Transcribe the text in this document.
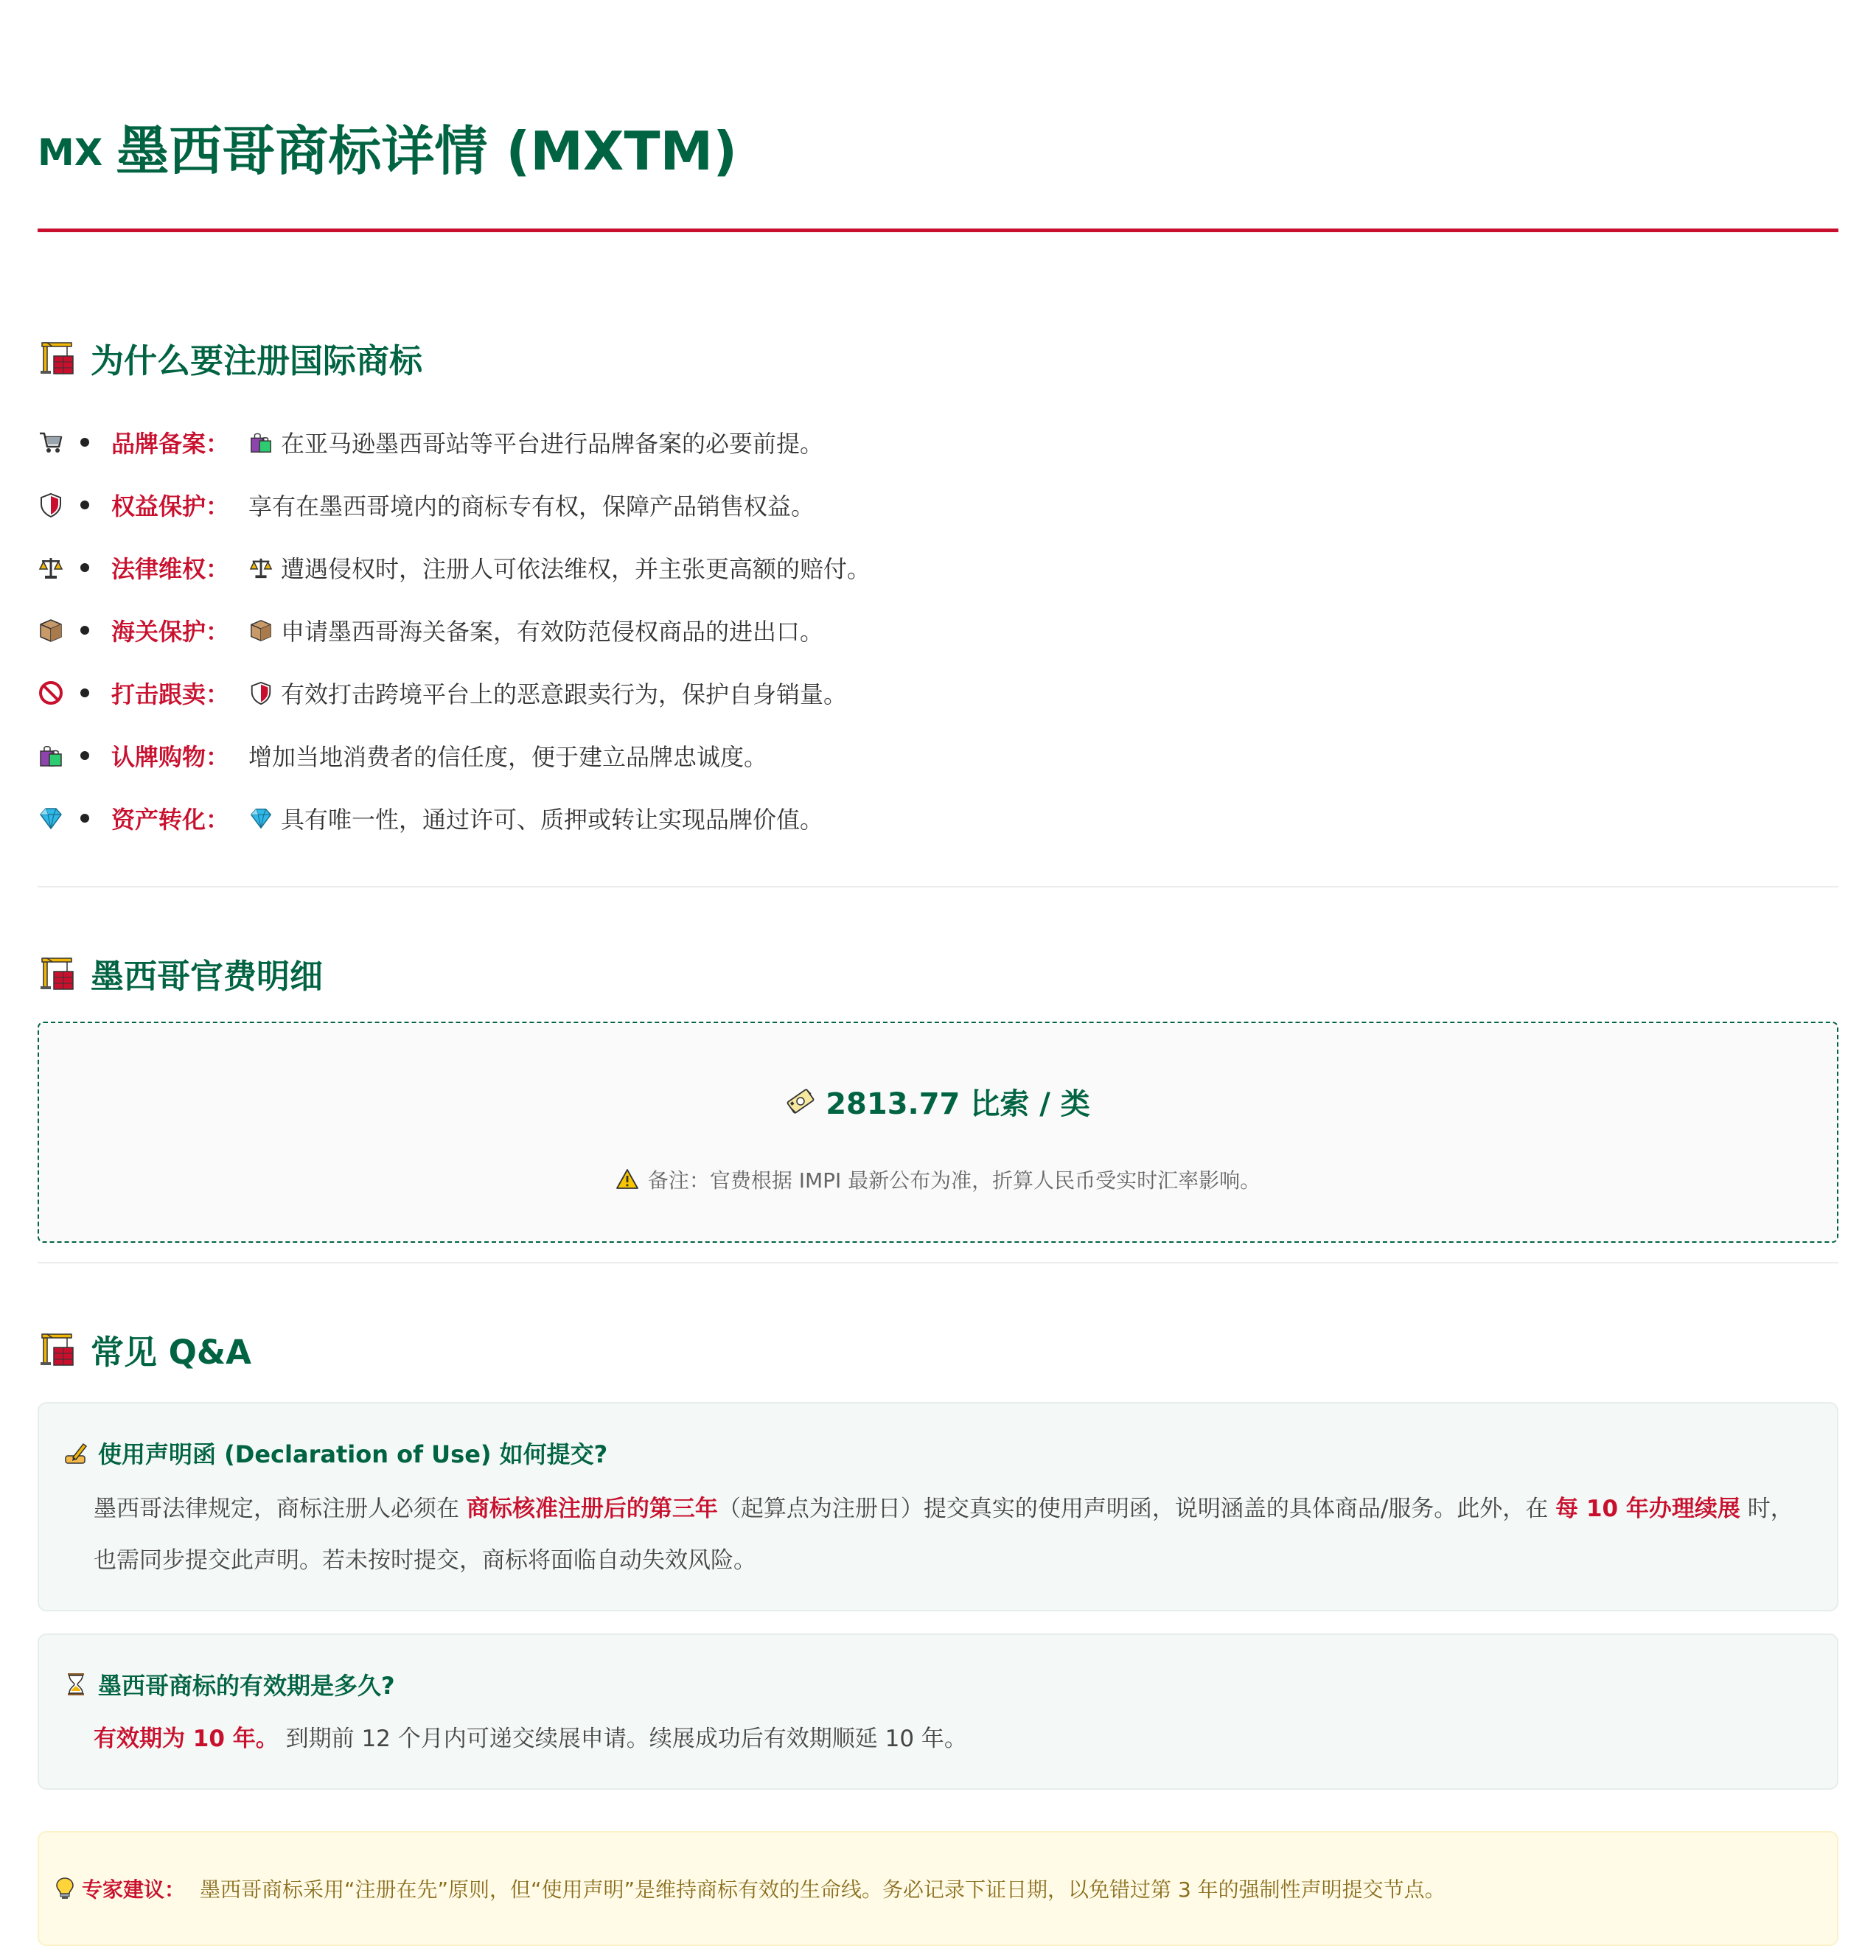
MX 墨西哥商标详情 (MXTM)
为什么要注册国际商标
品牌备案： 在亚马逊墨西哥站等平台进行品牌备案的必要前提。
权益保护： 享有在墨西哥境内的商标专有权，保障产品销售权益。
法律维权： 遭遇侵权时，注册人可依法维权，并主张更高额的赔付。
海关保护： 申请墨西哥海关备案，有效防范侵权商品的进出口。
打击跟卖： 有效打击跨境平台上的恶意跟卖行为，保护自身销量。
认牌购物： 增加当地消费者的信任度，便于建立品牌忠诚度。
资产转化： 具有唯一性，通过许可、质押或转让实现品牌价值。
墨西哥官费明细
2813.77 比索 / 类
备注：官费根据 IMPI 最新公布为准，折算人民币受实时汇率影响。
常见 Q&A
使用声明函 (Declaration of Use) 如何提交?

墨西哥法律规定，商标注册人必须在 商标核准注册后的第三年（起算点为注册日）提交真实的使用声明函，说明涵盖的具体商品/服务。此外，在 每 10 年办理续展 时，也需同步提交此声明。若未按时提交，商标将面临自动失效风险。

墨西哥商标的有效期是多久?

有效期为 10 年。 到期前 12 个月内可递交续展申请。续展成功后有效期顺延 10 年。

专家建议： 墨西哥商标采用“注册在先”原则，但“使用声明”是维持商标有效的生命线。务必记录下证日期，以免错过第 3 年的强制性声明提交节点。
